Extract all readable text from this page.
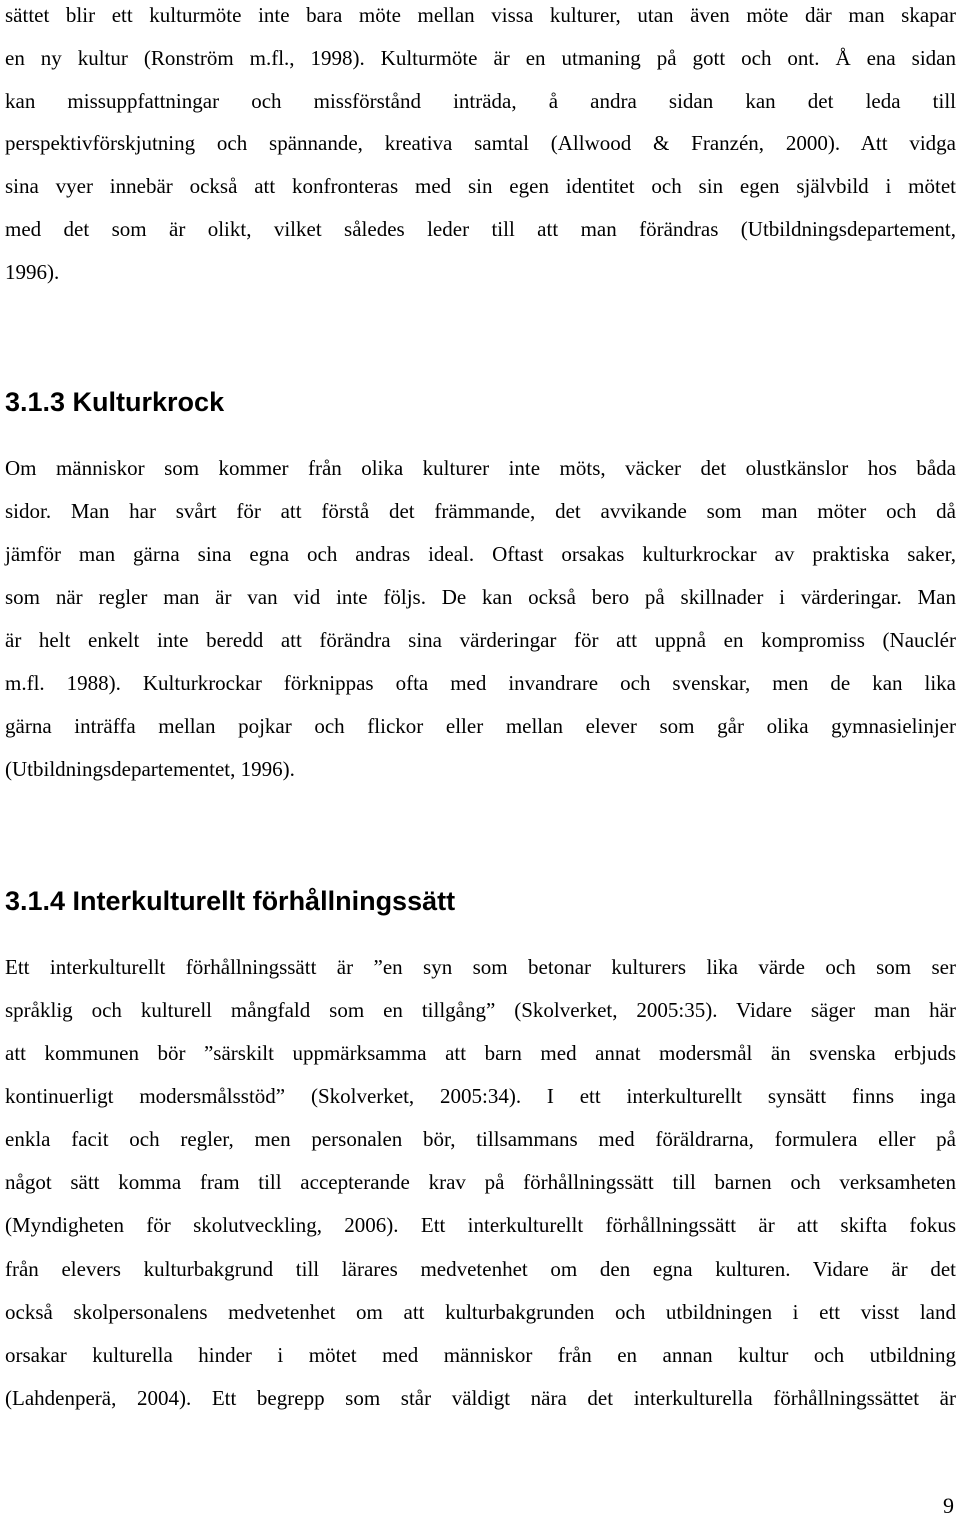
sättet blir ett kulturmöte inte bara möte mellan vissa kulturer, utan även möte där man skapar
en ny kultur (Ronström m.fl., 1998). Kulturmöte är en utmaning på gott och ont. Å ena sidan
kan missuppfattningar och missförstånd inträda, å andra sidan kan det leda till
perspektivförskjutning och spännande, kreativa samtal (Allwood & Franzén, 2000). Att vidga
sina vyer innebär också att konfronteras med sin egen identitet och sin egen självbild i mötet
med det som är olikt, vilket således leder till att man förändras (Utbildningsdepartement,
1996).
3.1.3 Kulturkrock
Om människor som kommer från olika kulturer inte möts, väcker det olustkänslor hos båda
sidor. Man har svårt för att förstå det främmande, det avvikande som man möter och då
jämför man gärna sina egna och andras ideal. Oftast orsakas kulturkrockar av praktiska saker,
som när regler man är van vid inte följs. De kan också bero på skillnader i värderingar. Man
är helt enkelt inte beredd att förändra sina värderingar för att uppnå en kompromiss (Nauclér
m.fl. 1988). Kulturkrockar förknippas ofta med invandrare och svenskar, men de kan lika
gärna inträffa mellan pojkar och flickor eller mellan elever som går olika gymnasielinjer
(Utbildningsdepartementet, 1996).
3.1.4 Interkulturellt förhållningssätt
Ett interkulturellt förhållningssätt är ”en syn som betonar kulturers lika värde och som ser
språklig och kulturell mångfald som en tillgång” (Skolverket, 2005:35). Vidare säger man här
att kommunen bör ”särskilt uppmärksamma att barn med annat modersmål än svenska erbjuds
kontinuerligt modersmålsstöd” (Skolverket, 2005:34). I ett interkulturellt synsätt finns inga
enkla facit och regler, men personalen bör, tillsammans med föräldrarna, formulera eller på
något sätt komma fram till accepterande krav på förhållningssätt till barnen och verksamheten
(Myndigheten för skolutveckling, 2006). Ett interkulturellt förhållningssätt är att skifta fokus
från elevers kulturbakgrund till lärares medvetenhet om den egna kulturen. Vidare är det
också skolpersonalens medvetenhet om att kulturbakgrunden och utbildningen i ett visst land
orsakar kulturella hinder i mötet med människor från en annan kultur och utbildning
(Lahdenperä, 2004). Ett begrepp som står väldigt nära det interkulturella förhållningssättet är
9
